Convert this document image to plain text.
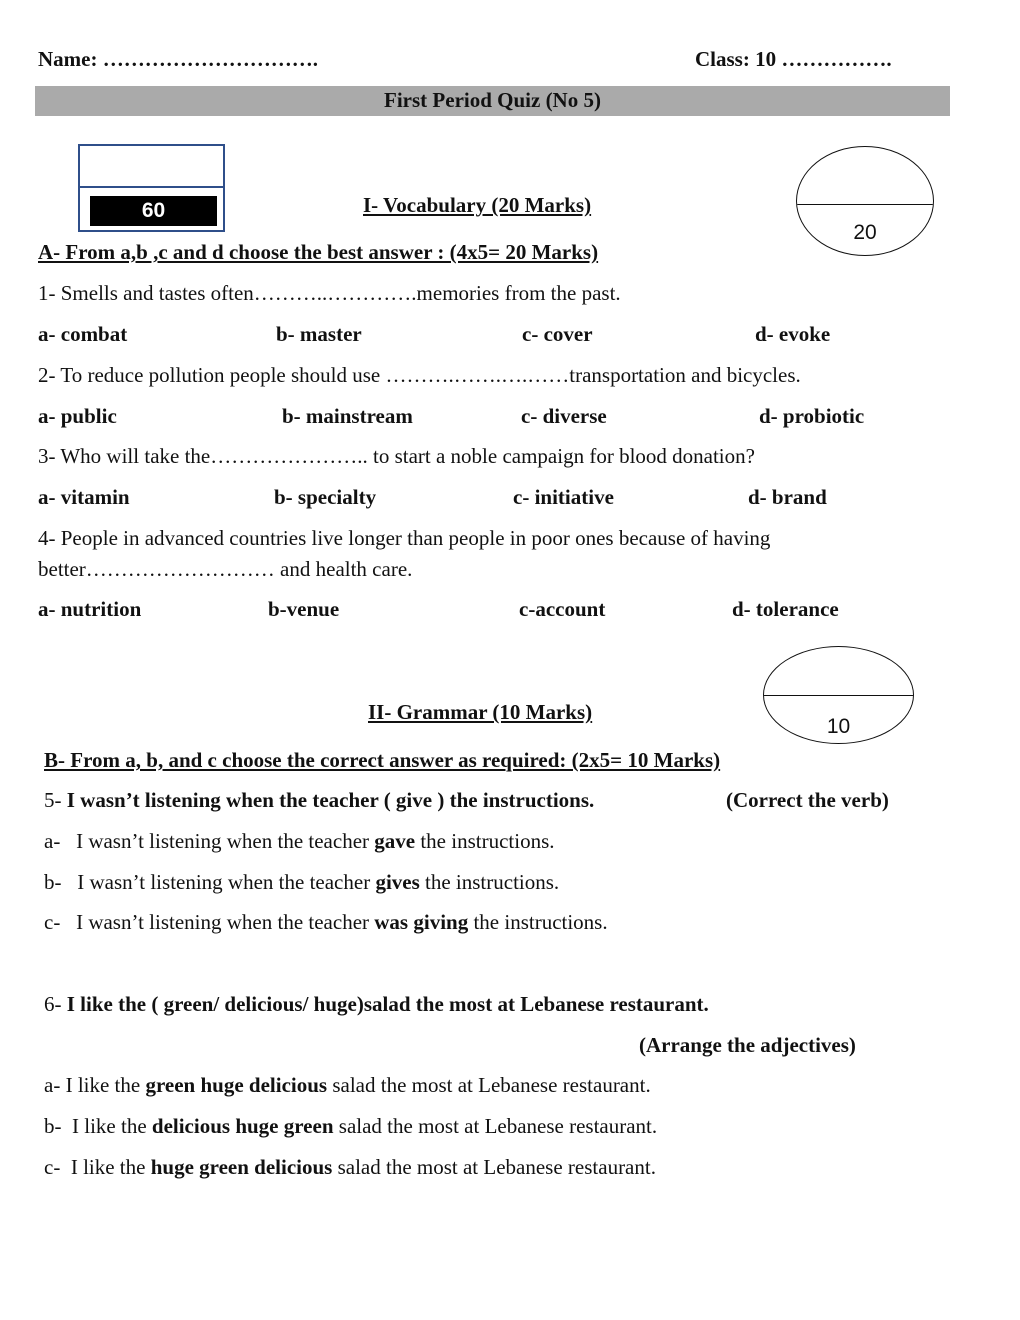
Name: ………………………….	Class: 10 …………….
First Period Quiz (No 5)
60
20
I- Vocabulary (20 Marks)
A- From a,b ,c and d choose the best answer : (4x5= 20 Marks)
1- Smells and tastes often………..………….memories from the past.
a- combat	b- master	c- cover	d- evoke
2- To reduce pollution people should use ……….…….….……transportation and bicycles.
a- public	b- mainstream	c- diverse	d- probiotic
3- Who will take the………………….. to start a noble campaign for blood donation?
a- vitamin	b- specialty	c- initiative	d- brand
4- People in advanced countries live longer than people in poor ones because of having
better……………………… and health care.
a- nutrition	b-venue	c-account	d- tolerance
10
II- Grammar (10 Marks)
B- From a, b, and c choose the correct answer as required: (2x5= 10 Marks)
5- I wasn’t listening when the teacher ( give ) the instructions.	(Correct the verb)
a- I wasn’t listening when the teacher gave the instructions.
b- I wasn’t listening when the teacher gives the instructions.
c- I wasn’t listening when the teacher was giving the instructions.
6- I like the ( green/ delicious/ huge)salad the most at Lebanese restaurant.
(Arrange the adjectives)
a- I like the green huge delicious salad the most at Lebanese restaurant.
b- I like the delicious huge green salad the most at Lebanese restaurant.
c- I like the huge green delicious salad the most at Lebanese restaurant.
